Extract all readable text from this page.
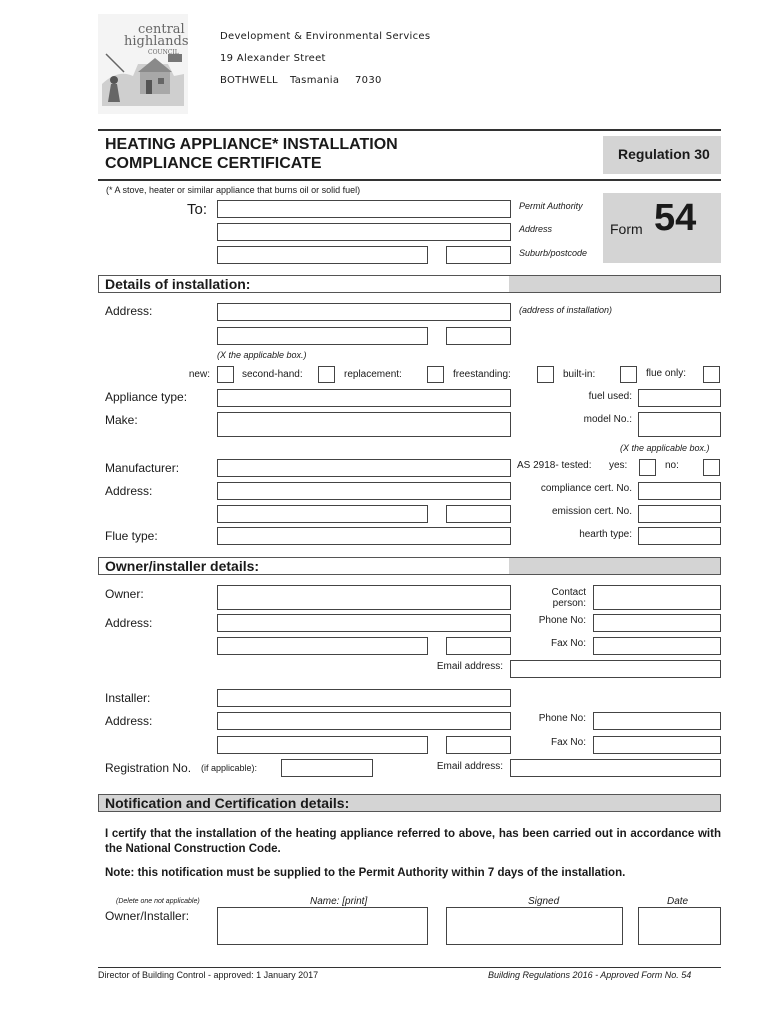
central
highlands
COUNCIL
Development & Environmental Services
19 Alexander Street
BOTHWELL Tasmania 7030
HEATING APPLIANCE* INSTALLATION
COMPLIANCE CERTIFICATE
Regulation 30
(* A stove, heater or similar appliance that burns oil or solid fuel)
To:	Permit Authority
Address
Suburb/postcode
Form 54
Details of installation:
Address:	(address of installation)
(X the applicable box.)
new:	second-hand:	replacement:	freestanding:	built-in:	flue only:
Appliance type:	fuel used:
Make:	model No.:
(X the applicable box.)
Manufacturer:	AS 2918- tested: yes:	no:
Address:	compliance cert. No.
emission cert. No.
Flue type:	hearth type:
Owner/installer details:
Owner:	Contact
person:
Address:	Phone No:
Fax No:
Email address:
Installer:
Address:	Phone No:
Fax No:
Registration No. (if applicable):	Email address:
Notification and Certification details:
I certify that the installation of the heating appliance referred to above, has been carried out in accordance with the National Construction Code.
Note: this notification must be supplied to the Permit Authority within 7 days of the installation.
(Delete one not applicable)	Name: [print]	Signed	Date
Owner/Installer:
Director of Building Control - approved: 1 January 2017	Building Regulations 2016 - Approved Form No. 54
